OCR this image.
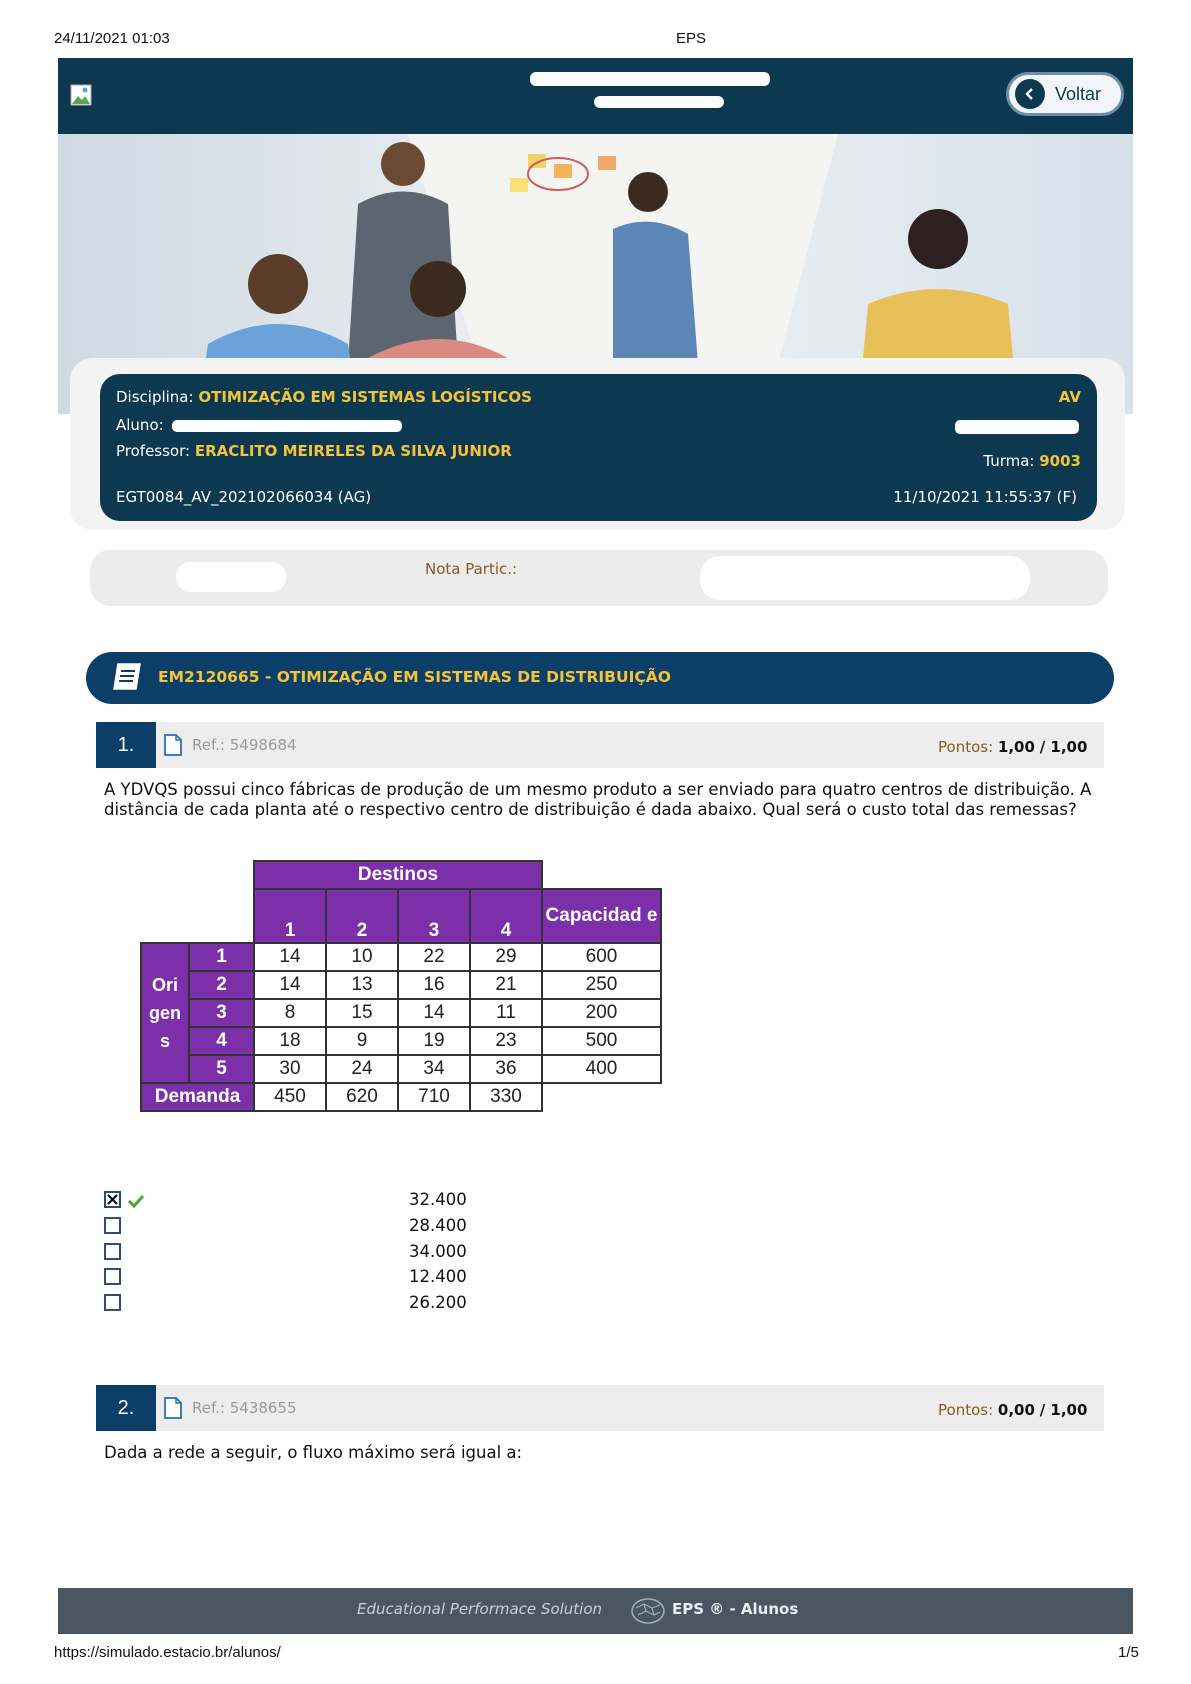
24/11/2021 01:03	EPS
Voltar
Disciplina: OTIMIZAÇÃO EM SISTEMAS LOGÍSTICOS	AV
Aluno:
Professor: ERACLITO MEIRELES DA SILVA JUNIOR
Turma: 9003
EGT0084_AV_202102066034 (AG)	11/10/2021 11:55:37 (F)
Nota Partic.:
EM2120665 - OTIMIZAÇÃO EM SISTEMAS DE DISTRIBUIÇÃO
1.	Ref.: 5498684	Pontos: 1,00 / 1,00
A YDVQS possui cinco fábricas de produção de um mesmo produto a ser enviado para quatro centros de distribuição. A distância de cada planta até o respectivo centro de distribuição é dada abaixo. Qual será o custo total das remessas?
		Destinos				
		1	2	3	4	Capacidad e
Ori gen s	1	14	10	22	29	600
	2	14	13	16	21	250
	3	8	15	14	11	200
	4	18	9	19	23	500
	5	30	24	34	36	400
Demanda		450	620	710	330	
32.400
28.400
34.000
12.400
26.200
2.	Ref.: 5438655	Pontos: 0,00 / 1,00
Dada a rede a seguir, o fluxo máximo será igual a:
Educational Performace Solution	EPS ® - Alunos
https://simulado.estacio.br/alunos/	1/5
